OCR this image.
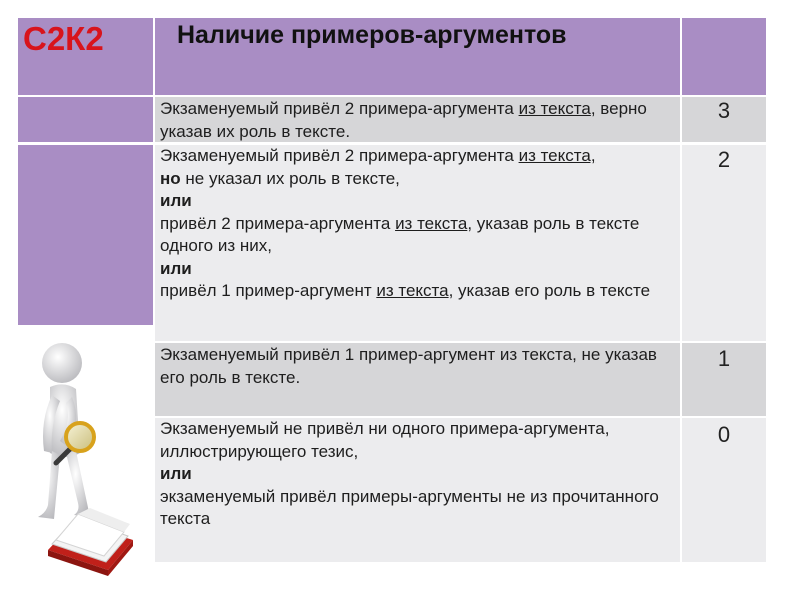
С2К2	Наличие примеров-аргументов
Экзаменуемый привёл 2 примера-аргумента из текста, верно указав их роль в тексте.
3
Экзаменуемый привёл 2 примера-аргумента из текста,
но не указал их роль в тексте,
или
привёл 2 примера-аргумента из текста, указав роль в тексте одного из них,
или
привёл 1 пример-аргумент из текста, указав его роль в тексте
2
Экзаменуемый привёл 1 пример-аргумент из текста, не указав его роль в тексте.
1
Экзаменуемый не привёл ни одного примера-аргумента,
иллюстрирующего тезис,
или
экзаменуемый привёл примеры-аргументы не из прочитанного текста
0
